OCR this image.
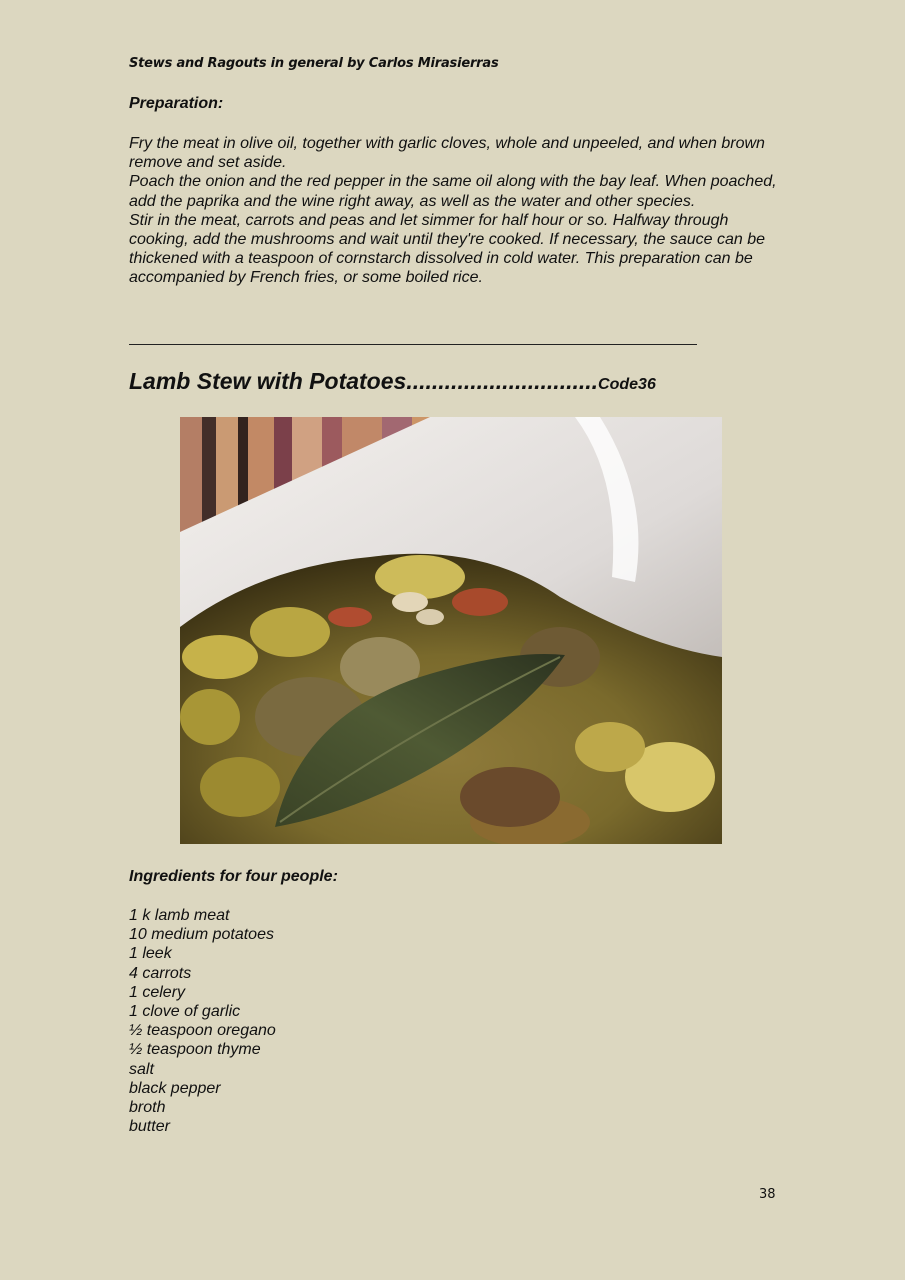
Stews and Ragouts in general by Carlos Mirasierras
Preparation:

Fry the meat in olive oil, together with garlic cloves, whole and unpeeled, and when brown remove and set aside.

Poach the onion and the red pepper in the same oil along with the bay leaf. When poached, add the paprika and the wine right away, as well as the water and other species.

Stir in the meat, carrots and peas and let simmer for half hour or so. Halfway through cooking, add the mushrooms and wait until they're cooked. If necessary, the sauce can be thickened with a teaspoon of cornstarch dissolved in cold water. This preparation can be accompanied by French fries, or some boiled rice.

Lamb Stew with Potatoes..............................Code36
Ingredients for four people:
1 k lamb meat
10 medium potatoes
1 leek
4 carrots
1 celery
1 clove of garlic
½ teaspoon oregano
½ teaspoon thyme
salt
black pepper
broth
butter
38
